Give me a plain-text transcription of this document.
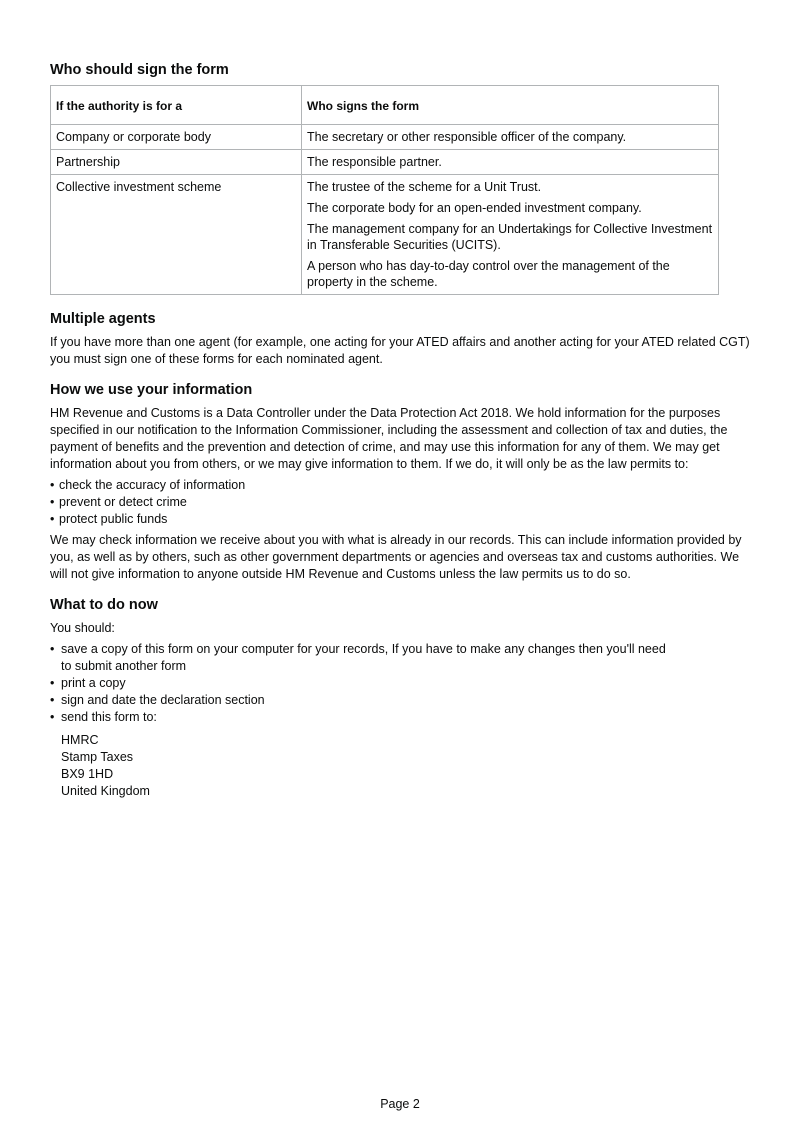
Who should sign the form
If the authority is for a	Who signs the form
Company or corporate body	The secretary or other responsible officer of the company.

Partnership	The responsible partner.

Collective investment scheme	The trustee of the scheme for a Unit Trust.
The corporate body for an open-ended investment company.
The management company for an Undertakings for Collective Investment in Transferable Securities (UCITS).
A person who has day-to-day control over the management of the property in the scheme.
Multiple agents

If you have more than one agent (for example, one acting for your ATED affairs and another acting for your ATED related CGT) you must sign one of these forms for each nominated agent.

How we use your information

HM Revenue and Customs is a Data Controller under the Data Protection Act 2018. We hold information for the purposes specified in our notification to the Information Commissioner, including the assessment and collection of tax and duties, the payment of benefits and the prevention and detection of crime, and may use this information for any of them. We may get information about you from others, or we may give information to them. If we do, it will only be as the law permits to:

• check the accuracy of information
• prevent or detect crime
• protect public funds

We may check information we receive about you with what is already in our records. This can include information provided by you, as well as by others, such as other government departments or agencies and overseas tax and customs authorities. We will not give information to anyone outside HM Revenue and Customs unless the law permits us to do so.

What to do now

You should:

• save a copy of this form on your computer for your records, If you have to make any changes then you'll need to submit another form
• print a copy
• sign and date the declaration section
• send this form to:
HMRC
Stamp Taxes
BX9 1HD
United Kingdom
Page 2
